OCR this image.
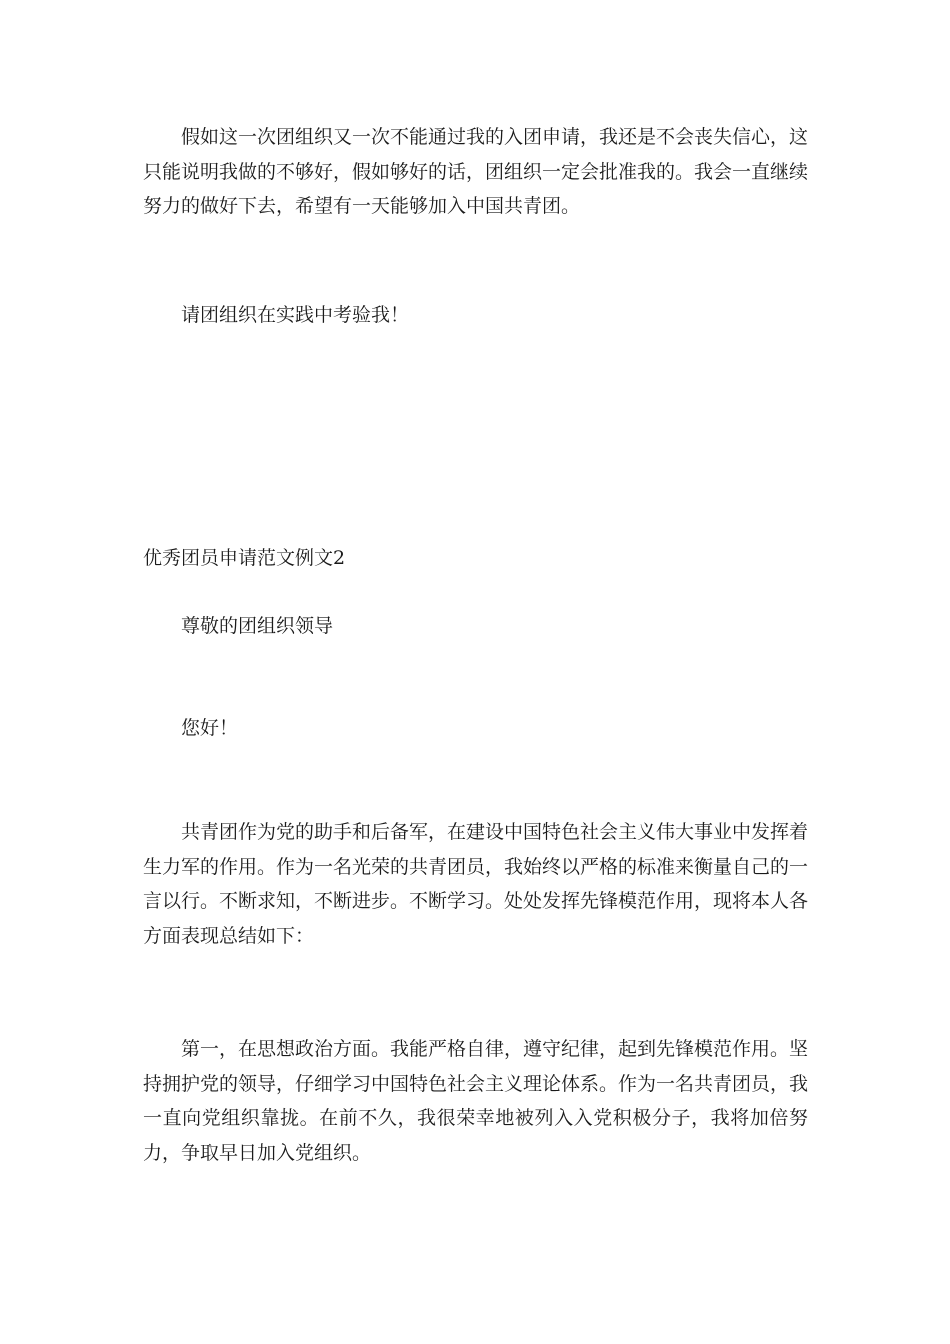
假如这一次团组织又一次不能通过我的入团申请，我还是不会丧失信心，这只能说明我做的不够好，假如够好的话，团组织一定会批准我的。我会一直继续努力的做好下去，希望有一天能够加入中国共青团。

请团组织在实践中考验我！

优秀团员申请范文例文2

尊敬的团组织领导

您好！

共青团作为党的助手和后备军，在建设中国特色社会主义伟大事业中发挥着生力军的作用。作为一名光荣的共青团员，我始终以严格的标准来衡量自己的一言以行。不断求知，不断进步。不断学习。处处发挥先锋模范作用，现将本人各方面表现总结如下：

第一，在思想政治方面。我能严格自律，遵守纪律，起到先锋模范作用。坚持拥护党的领导，仔细学习中国特色社会主义理论体系。作为一名共青团员，我一直向党组织靠拢。在前不久，我很荣幸地被列入入党积极分子，我将加倍努力，争取早日加入党组织。
